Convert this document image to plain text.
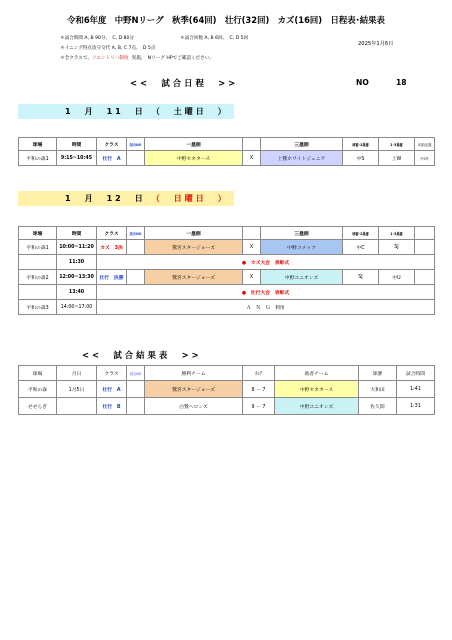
令和6年度　中野Nリーグ　秋季(64回)　壮行(32回)　カズ(16回)　日程表･結果表
＊試合時間 A, B 90分、　C, D 80分	＊試合回数 A, B 6回、　C, D 5回
2025年1月6日
＊イニング得点攻守交代 A, B, C 7点、　D 5点
＊全クラスで、リエントリー制度 実施。　Nリーグ HPでご確認ください。
<<　試合日程　>>	NO	18
1　月　11　日 （　土曜日　）
球場	時間	クラス	試合NO	一塁側		三塁側	球審･2塁審	1･3塁審	本部/記録
平和の森1	9:15~10:45	壮行　A		中野セネタース	X	上鷺ホワイトジュニア	中S	上W	中S外
1　月　12　日 （　日曜日　）
球場	時間	クラス	試合NO	一塁側		三塁側	球審･2塁審	1･3塁審	
平和の森1	10:00~11:20	カズ　3決		鷺宮スタージョーズ	X	中野コメッツ	中C	SJ	
	11:30	●　カズ大会　表彰式							
平和の森2	12:00~13:30	壮行　決勝		鷺宮スタージョーズ	X	中野ユニオンズ	SJ	中U	
	13:40	●　壮行大会　表彰式							
平和の森3	14:00~17:00	Ａ　Ｎ　Ｇ　利用							
<<　試合結果表　>>
球場	月日	クラス	試合NO	勝利チーム	ｽｺｱ	敗者チーム	球審	試合時間
平和の森	1月5日	壮行　A		鷺宮スタージョーズ	8 － 7	中野セネタース	大和田	1:41
せせらぎ		壮行　B		白鷺ヘロンズ	9 － 7	中野ユニオンズ	佐久間	1:31
